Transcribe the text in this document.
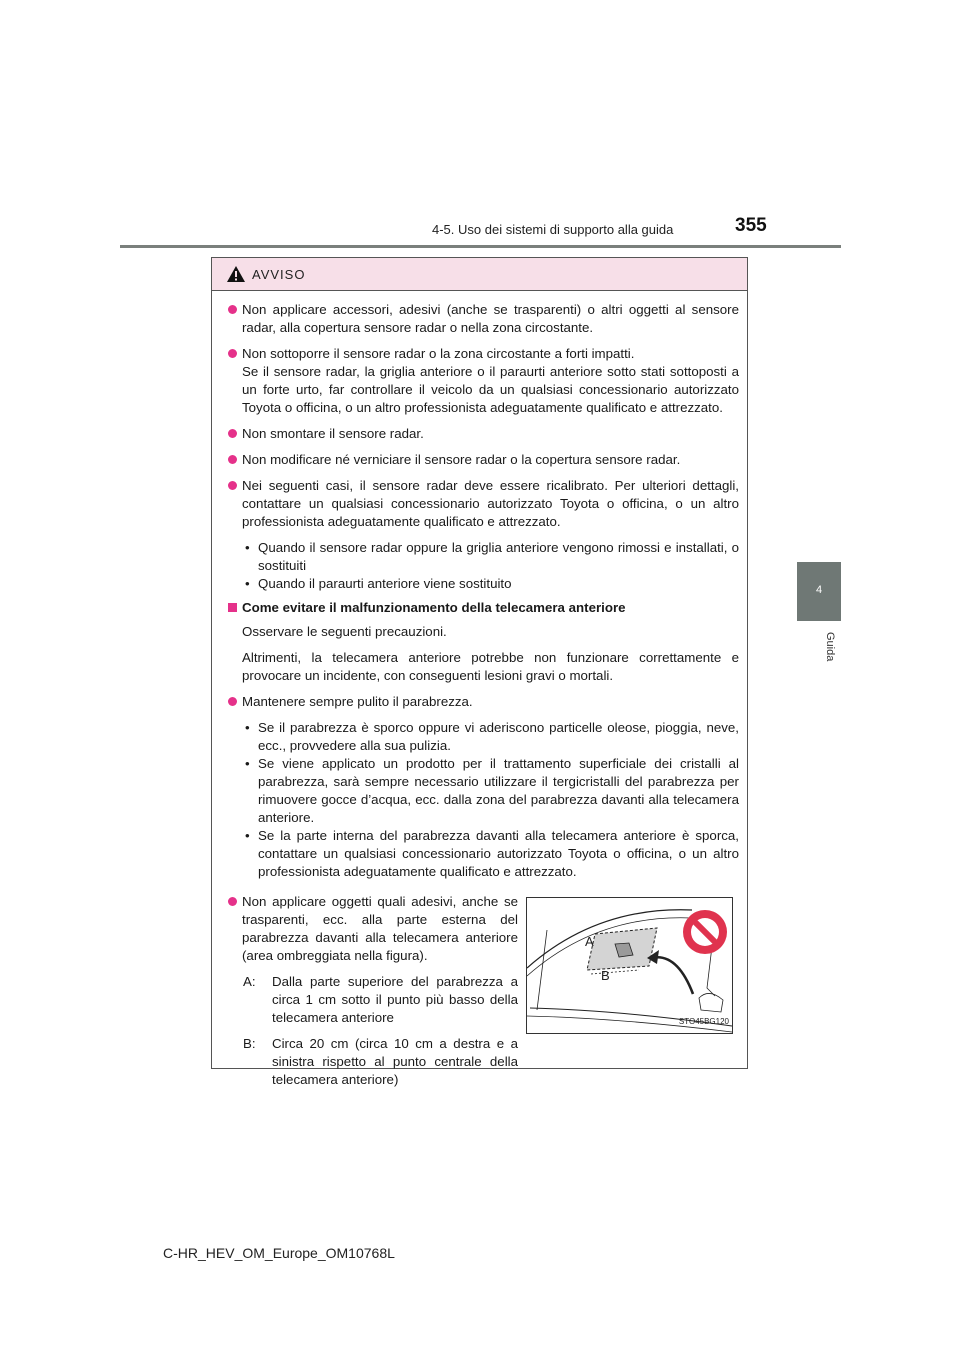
4-5. Uso dei sistemi di supporto alla guida	355
4
Guida
AVVISO
Non applicare accessori, adesivi (anche se trasparenti) o altri oggetti al sensore radar, alla copertura sensore radar o nella zona circostante.
Non sottoporre il sensore radar o la zona circostante a forti impatti.
Se il sensore radar, la griglia anteriore o il paraurti anteriore sotto stati sottoposti a un forte urto, far controllare il veicolo da un qualsiasi concessionario autorizzato Toyota o officina, o un altro professionista adeguatamente qualificato e attrezzato.
Non smontare il sensore radar.
Non modificare né verniciare il sensore radar o la copertura sensore radar.
Nei seguenti casi, il sensore radar deve essere ricalibrato. Per ulteriori dettagli, contattare un qualsiasi concessionario autorizzato Toyota o officina, o un altro professionista adeguatamente qualificato e attrezzato.
• Quando il sensore radar oppure la griglia anteriore vengono rimossi e installati, o sostituiti
• Quando il paraurti anteriore viene sostituito
Come evitare il malfunzionamento della telecamera anteriore
Osservare le seguenti precauzioni.
Altrimenti, la telecamera anteriore potrebbe non funzionare correttamente e provocare un incidente, con conseguenti lesioni gravi o mortali.
Mantenere sempre pulito il parabrezza.
• Se il parabrezza è sporco oppure vi aderiscono particelle oleose, pioggia, neve, ecc., provvedere alla sua pulizia.
• Se viene applicato un prodotto per il trattamento superficiale dei cristalli al parabrezza, sarà sempre necessario utilizzare il tergicristalli del parabrezza per rimuovere gocce d’acqua, ecc. dalla zona del parabrezza davanti alla telecamera anteriore.
• Se la parte interna del parabrezza davanti alla telecamera anteriore è sporca, contattare un qualsiasi concessionario autorizzato Toyota o officina, o un altro professionista adeguatamente qualificato e attrezzato.
Non applicare oggetti quali adesivi, anche se trasparenti, ecc. alla parte esterna del parabrezza davanti alla telecamera anteriore (area ombreggiata nella figura).
A: Dalla parte superiore del parabrezza a circa 1 cm sotto il punto più basso della telecamera anteriore
B: Circa 20 cm (circa 10 cm a destra e a sinistra rispetto al punto centrale della telecamera anteriore)
A
B
STO45BG120
C-HR_HEV_OM_Europe_OM10768L
